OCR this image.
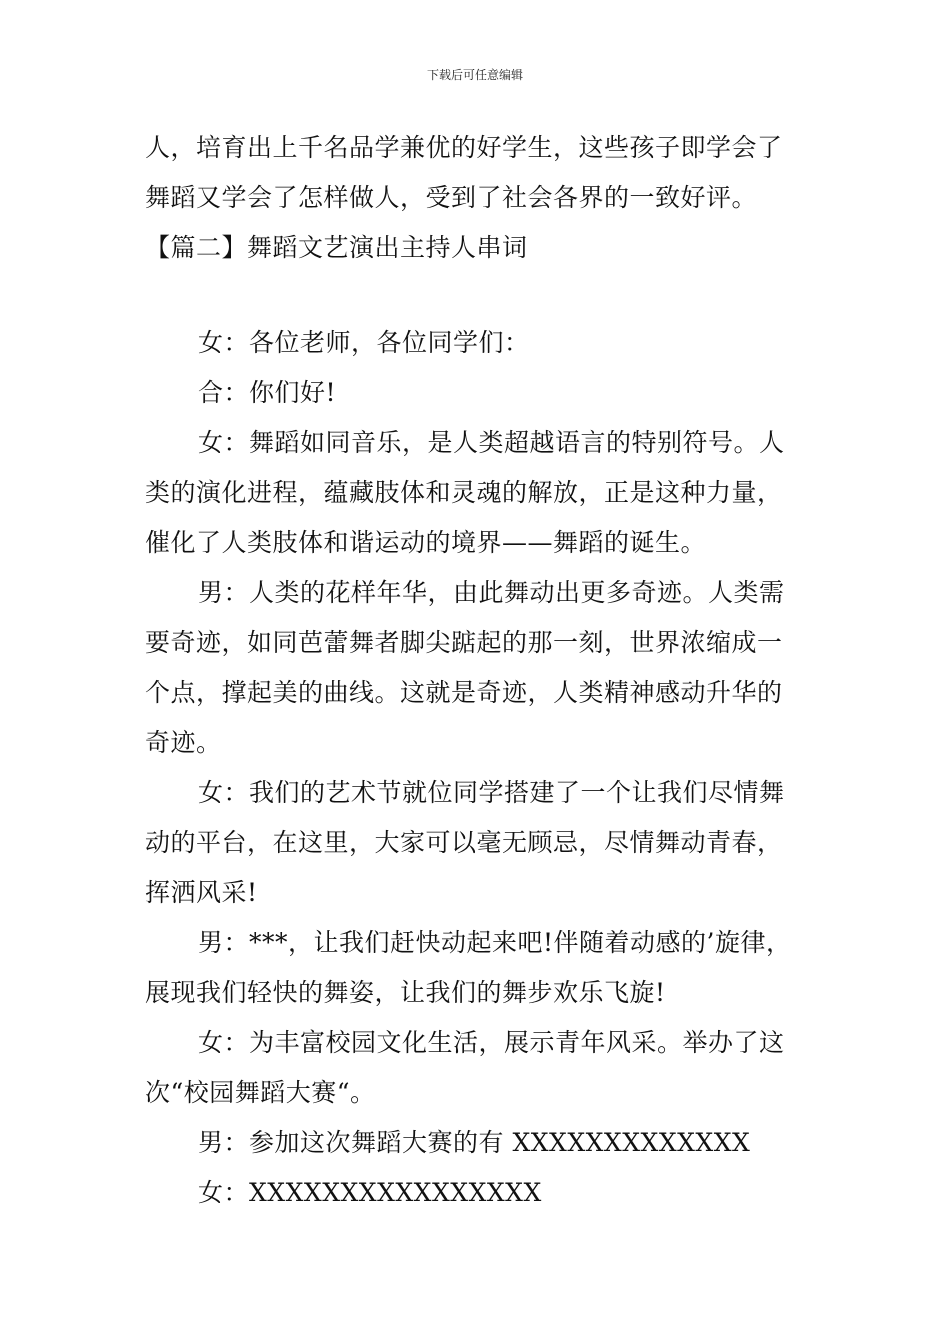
下载后可任意编辑
人，培育出上千名品学兼优的好学生，这些孩子即学会了
舞蹈又学会了怎样做人，受到了社会各界的一致好评。
【篇二】舞蹈文艺演出主持人串词
女：各位老师，各位同学们：
合：你们好!
女：舞蹈如同音乐，是人类超越语言的特别符号。人
类的演化进程，蕴藏肢体和灵魂的解放，正是这种力量，
催化了人类肢体和谐运动的境界——舞蹈的诞生。
男：人类的花样年华，由此舞动出更多奇迹。人类需
要奇迹，如同芭蕾舞者脚尖踮起的那一刻，世界浓缩成一
个点，撑起美的曲线。这就是奇迹，人类精神感动升华的
奇迹。
女：我们的艺术节就位同学搭建了一个让我们尽情舞
动的平台，在这里，大家可以毫无顾忌，尽情舞动青春，
挥洒风采!
男：***，让我们赶快动起来吧!伴随着动感的’旋律，
展现我们轻快的舞姿，让我们的舞步欢乐飞旋!
女：为丰富校园文化生活，展示青年风采。举办了这
次“校园舞蹈大赛“。
男：参加这次舞蹈大赛的有 XXXXXXXXXXXXX
女：XXXXXXXXXXXXXXXX
